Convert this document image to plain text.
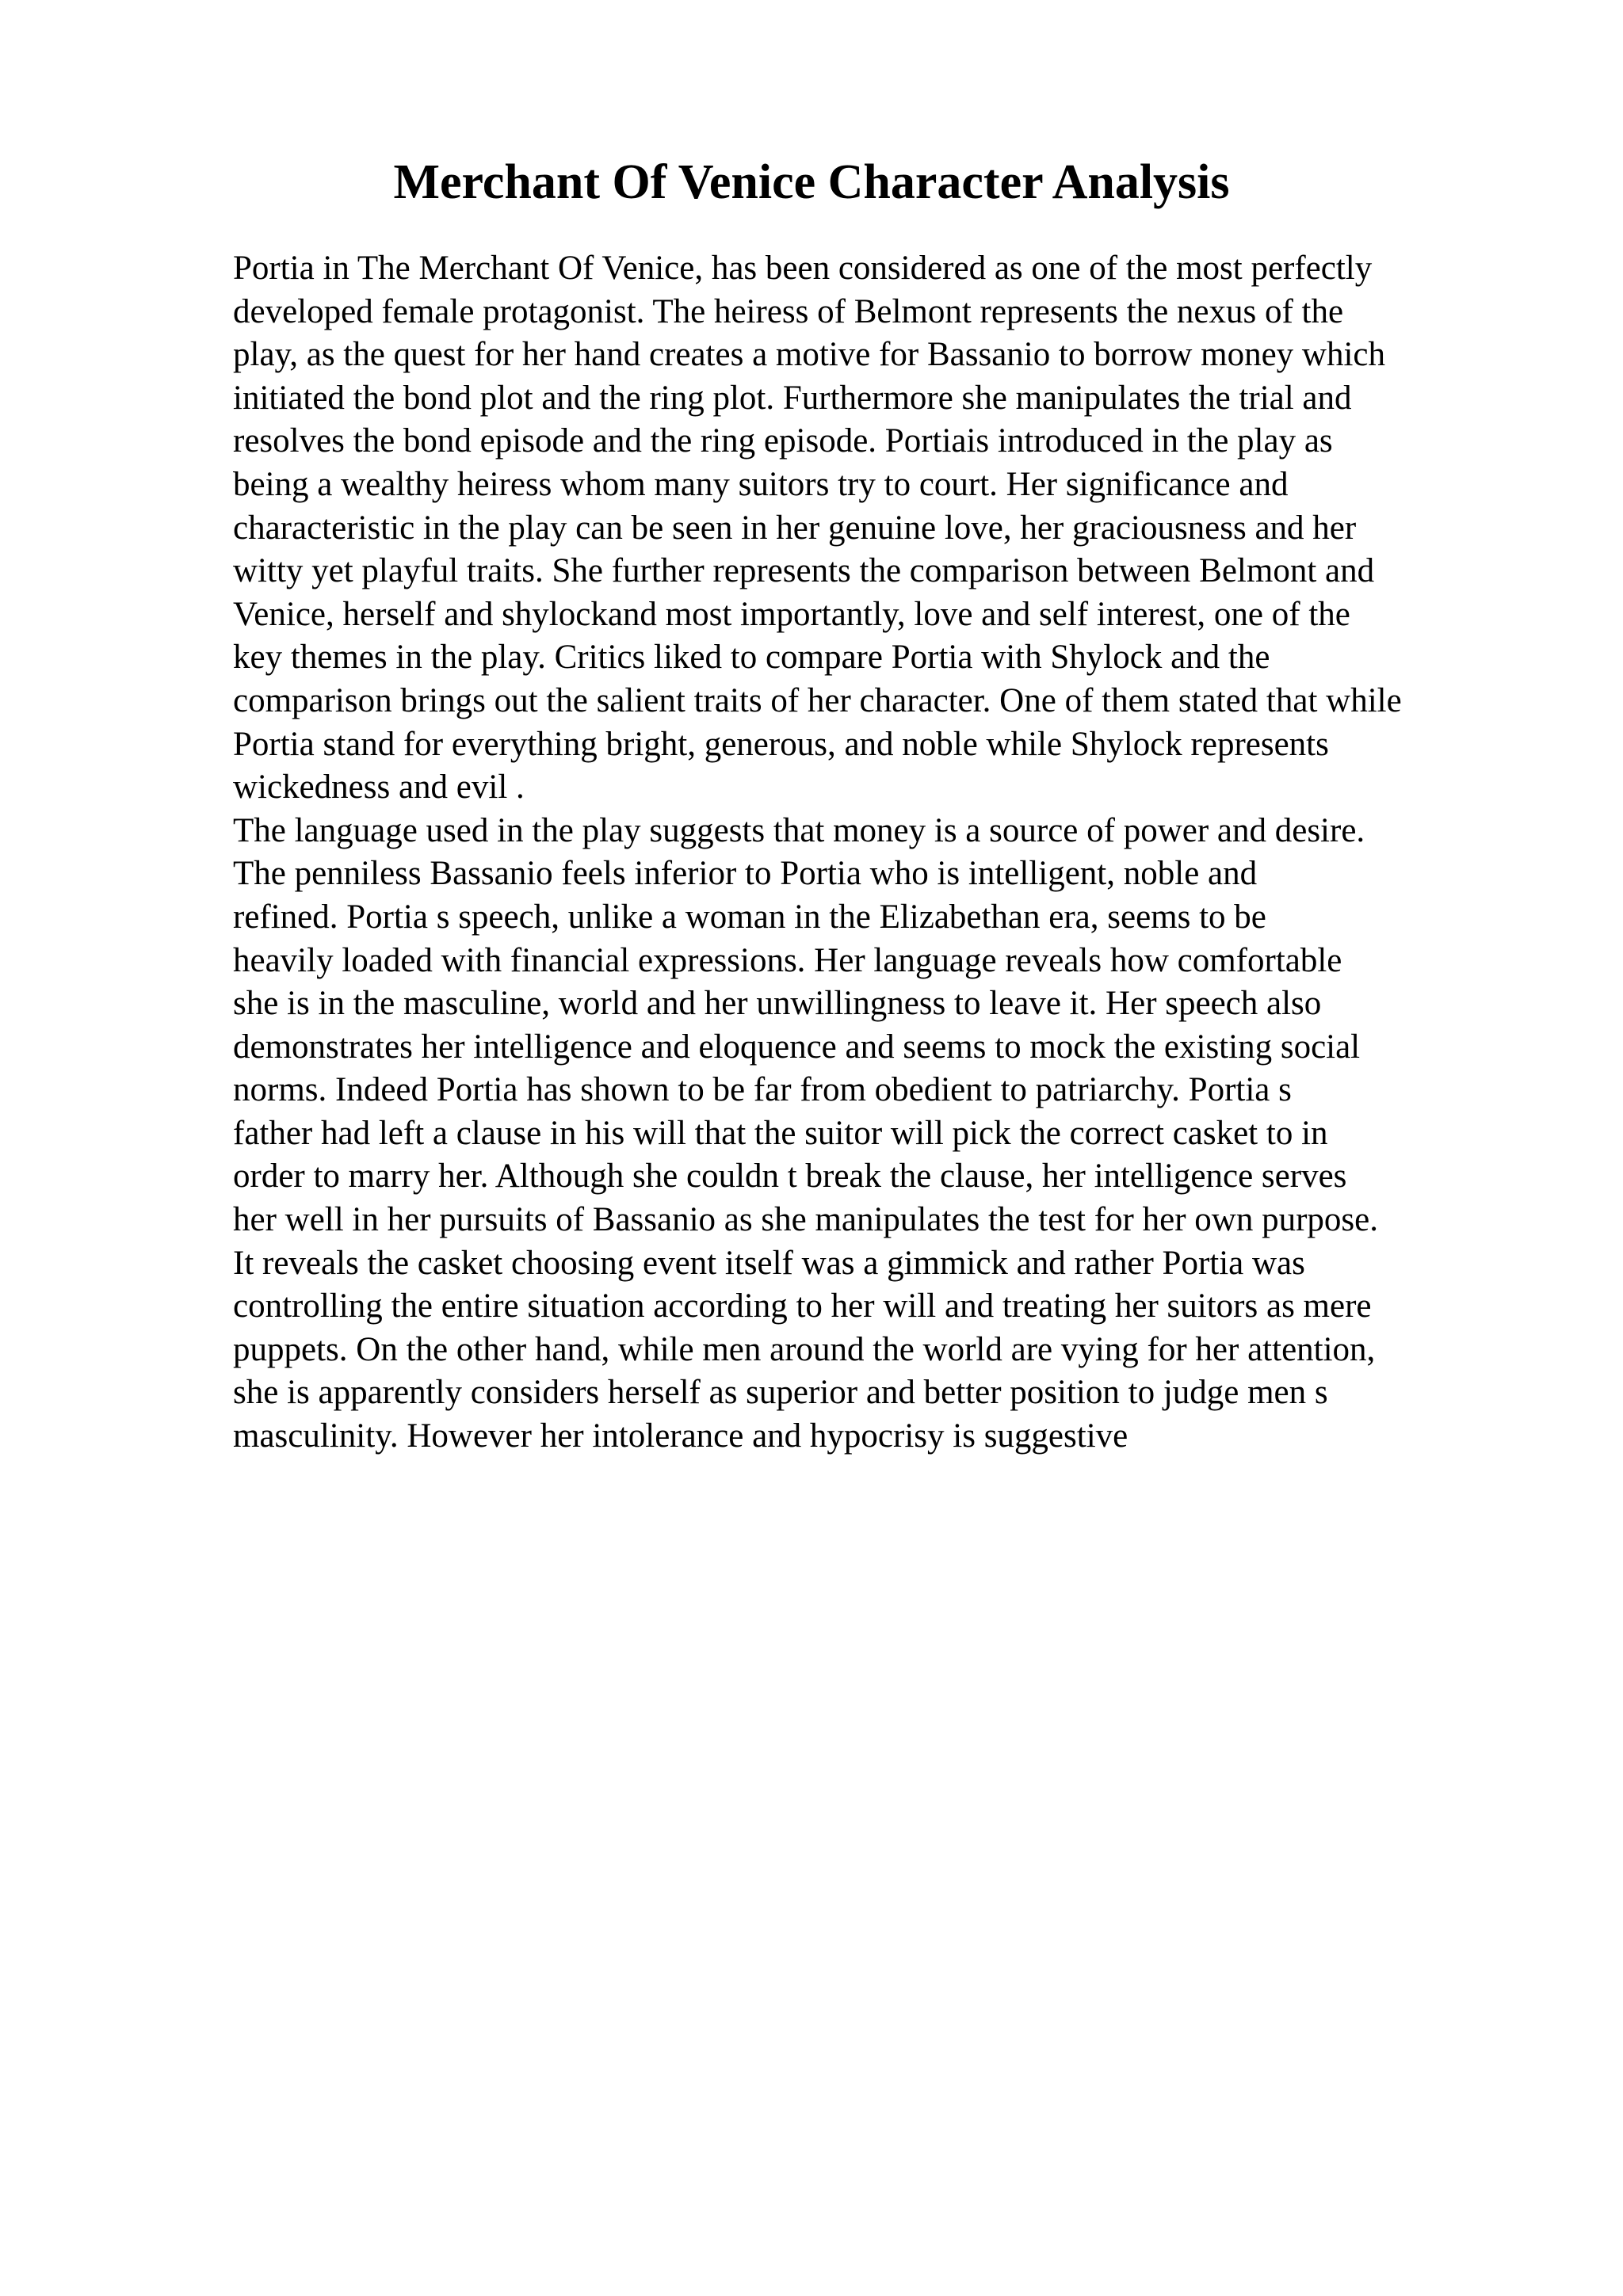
Merchant Of Venice Character Analysis
Portia in The Merchant Of Venice, has been considered as one of the most perfectly
developed female protagonist. The heiress of Belmont represents the nexus of the
play, as the quest for her hand creates a motive for Bassanio to borrow money which
initiated the bond plot and the ring plot. Furthermore she manipulates the trial and
resolves the bond episode and the ring episode. Portiais introduced in the play as
being a wealthy heiress whom many suitors try to court. Her significance and
characteristic in the play can be seen in her genuine love, her graciousness and her
witty yet playful traits. She further represents the comparison between Belmont and
Venice, herself and shylockand most importantly, love and self interest, one of the
key themes in the play. Critics liked to compare Portia with Shylock and the
comparison brings out the salient traits of her character. One of them stated that while
Portia stand for everything bright, generous, and noble while Shylock represents
wickedness and evil .
The language used in the play suggests that money is a source of power and desire.
The penniless Bassanio feels inferior to Portia who is intelligent, noble and
refined. Portia s speech, unlike a woman in the Elizabethan era, seems to be
heavily loaded with financial expressions. Her language reveals how comfortable
she is in the masculine, world and her unwillingness to leave it. Her speech also
demonstrates her intelligence and eloquence and seems to mock the existing social
norms. Indeed Portia has shown to be far from obedient to patriarchy. Portia s
father had left a clause in his will that the suitor will pick the correct casket to in
order to marry her. Although she couldn t break the clause, her intelligence serves
her well in her pursuits of Bassanio as she manipulates the test for her own purpose.
It reveals the casket choosing event itself was a gimmick and rather Portia was
controlling the entire situation according to her will and treating her suitors as mere
puppets. On the other hand, while men around the world are vying for her attention,
she is apparently considers herself as superior and better position to judge men s
masculinity. However her intolerance and hypocrisy is suggestive
